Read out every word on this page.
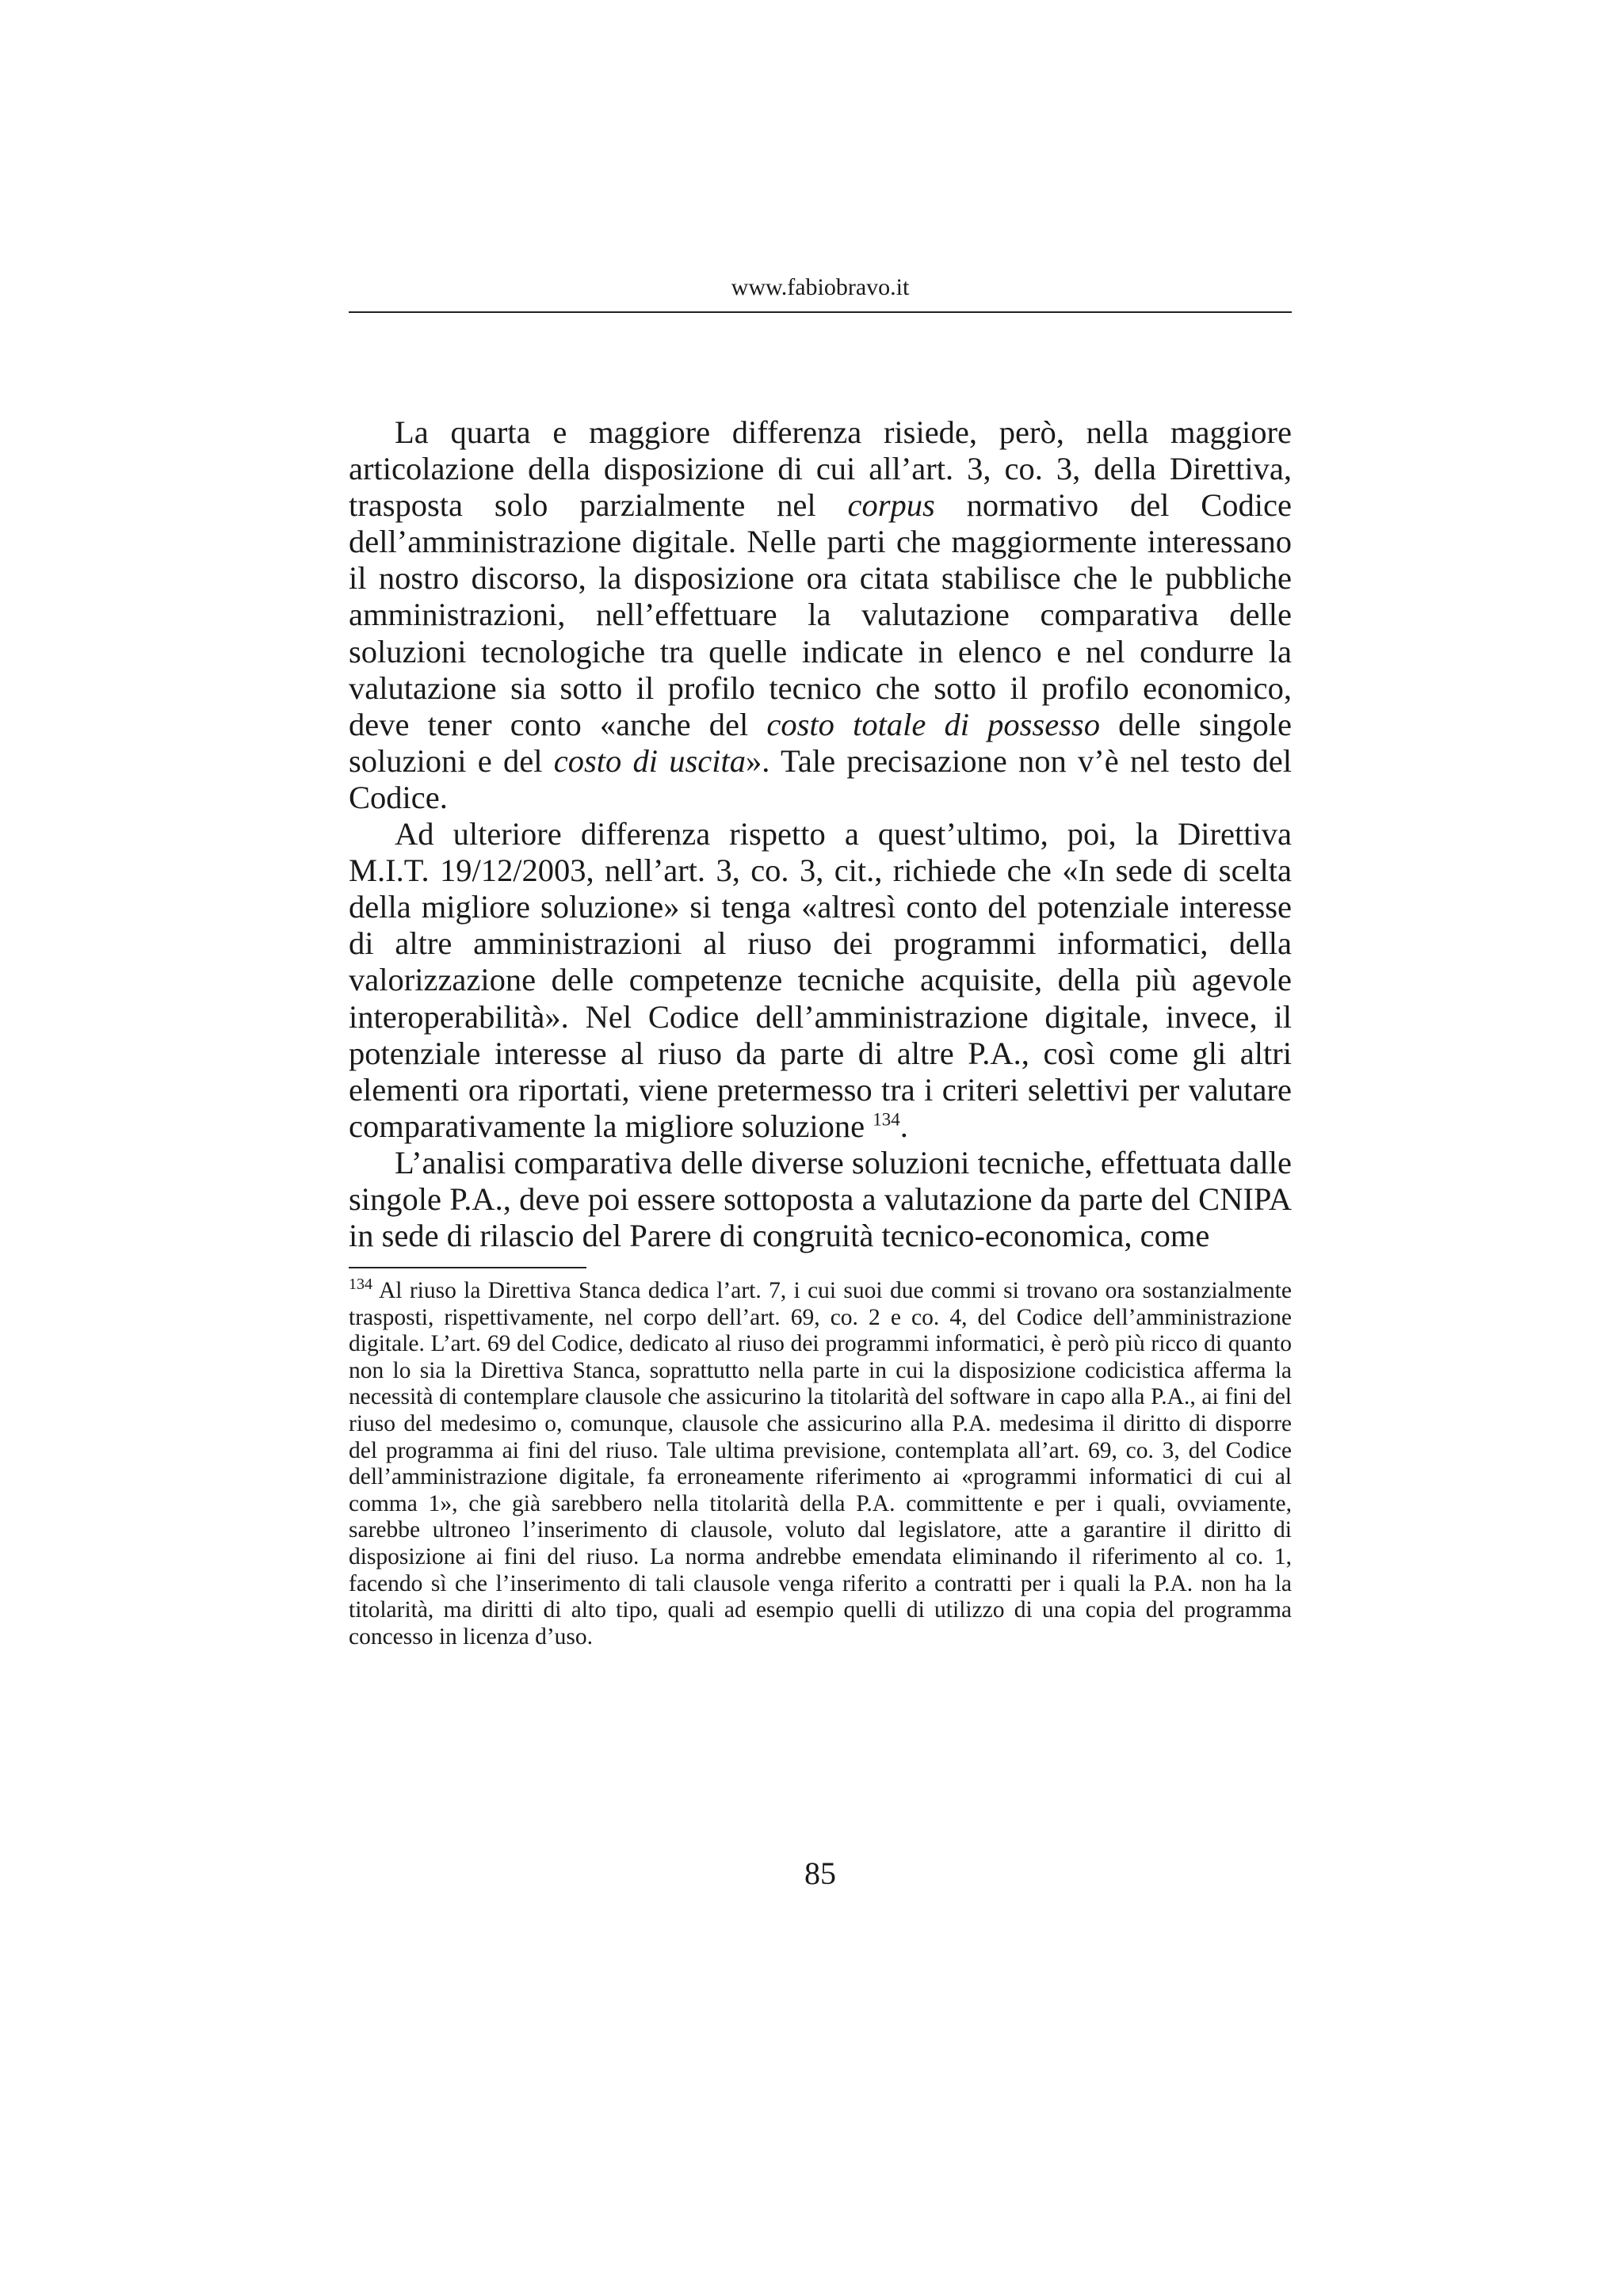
www.fabiobravo.it

La quarta e maggiore differenza risiede, però, nella maggiore articolazione della disposizione di cui all’art. 3, co. 3, della Direttiva, trasposta solo parzialmente nel corpus normativo del Codice dell’amministrazione digitale. Nelle parti che maggiormente interessano il nostro discorso, la disposizione ora citata stabilisce che le pubbliche amministrazioni, nell’effettuare la valutazione comparativa delle soluzioni tecnologiche tra quelle indicate in elenco e nel condurre la valutazione sia sotto il profilo tecnico che sotto il profilo economico, deve tener conto «anche del costo totale di possesso delle singole soluzioni e del costo di uscita». Tale precisazione non v’è nel testo del Codice.

Ad ulteriore differenza rispetto a quest’ultimo, poi, la Direttiva M.I.T. 19/12/2003, nell’art. 3, co. 3, cit., richiede che «In sede di scelta della migliore soluzione» si tenga «altresì conto del potenziale interesse di altre amministrazioni al riuso dei programmi informatici, della valorizzazione delle competenze tecniche acquisite, della più agevole interoperabilità». Nel Codice dell’amministrazione digitale, invece, il potenziale interesse al riuso da parte di altre P.A., così come gli altri elementi ora riportati, viene pretermesso tra i criteri selettivi per valutare comparativamente la migliore soluzione $^{134}$.

L’analisi comparativa delle diverse soluzioni tecniche, effettuata dalle singole P.A., deve poi essere sottoposta a valutazione da parte del CNIPA in sede di rilascio del Parere di congruità tecnico-economica, come

$^{134}$ Al riuso la Direttiva Stanca dedica l’art. 7, i cui suoi due commi si trovano ora sostanzialmente trasposti, rispettivamente, nel corpo dell’art. 69, co. 2 e co. 4, del Codice dell’amministrazione digitale. L’art. 69 del Codice, dedicato al riuso dei programmi informatici, è però più ricco di quanto non lo sia la Direttiva Stanca, soprattutto nella parte in cui la disposizione codicistica afferma la necessità di contemplare clausole che assicurino la titolarità del software in capo alla P.A., ai fini del riuso del medesimo o, comunque, clausole che assicurino alla P.A. medesima il diritto di disporre del programma ai fini del riuso. Tale ultima previsione, contemplata all’art. 69, co. 3, del Codice dell’amministrazione digitale, fa erroneamente riferimento ai «programmi informatici di cui al comma 1», che già sarebbero nella titolarità della P.A. committente e per i quali, ovviamente, sarebbe ultroneo l’inserimento di clausole, voluto dal legislatore, atte a garantire il diritto di disposizione ai fini del riuso. La norma andrebbe emendata eliminando il riferimento al co. 1, facendo sì che l’inserimento di tali clausole venga riferito a contratti per i quali la P.A. non ha la titolarità, ma diritti di alto tipo, quali ad esempio quelli di utilizzo di una copia del programma concesso in licenza d’uso.

85
